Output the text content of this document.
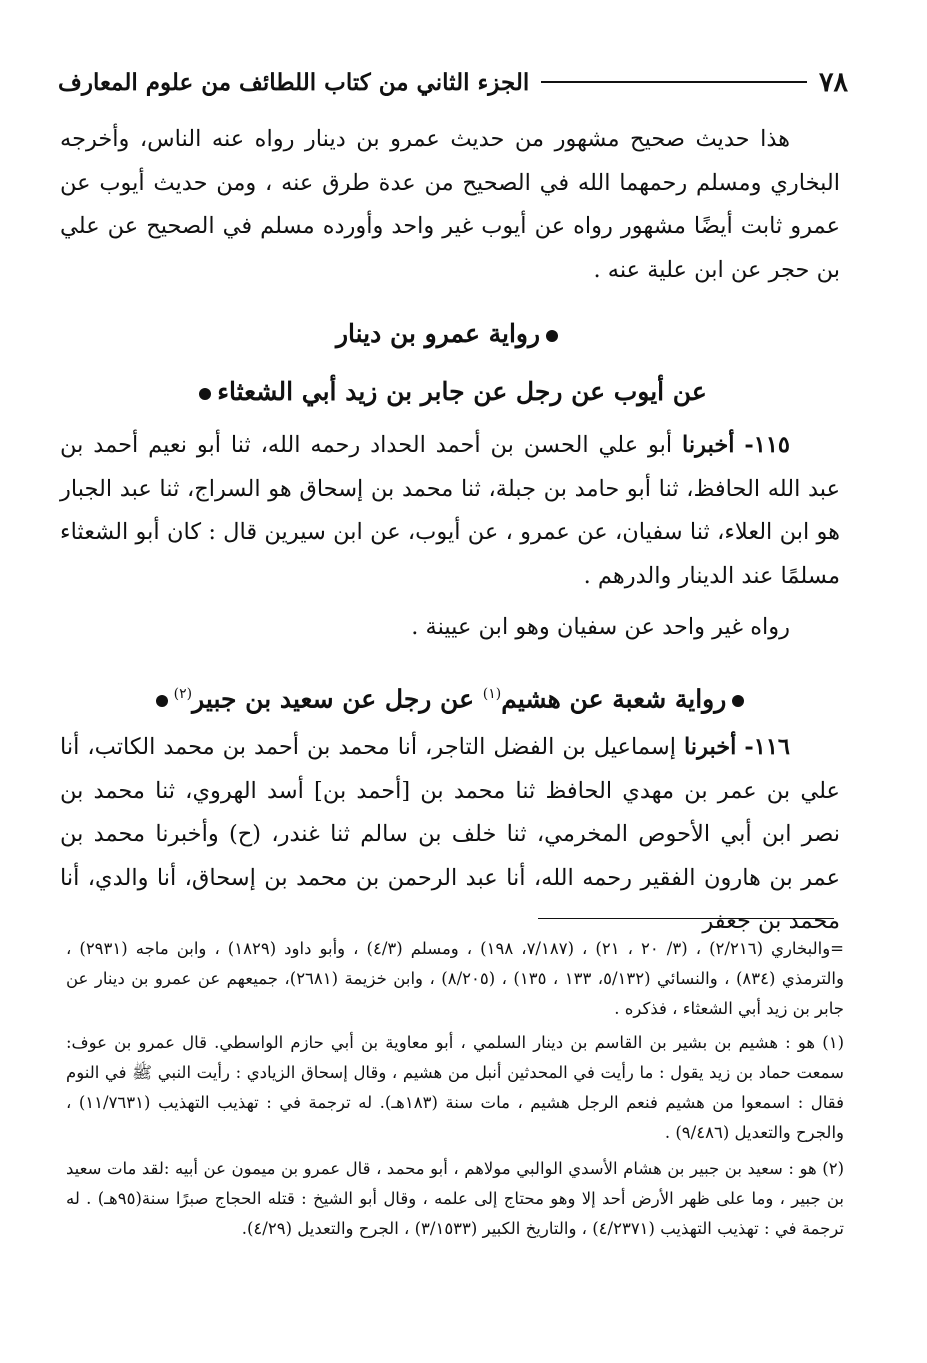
٧٨
الجزء الثاني من كتاب اللطائف من علوم المعارف
هذا حديث صحيح مشهور من حديث عمرو بن دينار رواه عنه الناس، وأخرجه البخاري ومسلم رحمهما الله في الصحيح من عدة طرق عنه ، ومن حديث أيوب عن عمرو ثابت أيضًا مشهور رواه عن أيوب غير واحد وأورده مسلم في الصحيح عن علي بن حجر عن ابن علية عنه .
روایة عمرو بن دینار
عن أيوب عن رجل عن جابر بن زيد أبي الشعثاء
١١٥- أخبرنا أبو علي الحسن بن أحمد الحداد رحمه الله، ثنا أبو نعيم أحمد بن عبد الله الحافظ، ثنا أبو حامد بن جبلة، ثنا محمد بن إسحاق هو السراج، ثنا عبد الجبار هو ابن العلاء، ثنا سفيان، عن عمرو ، عن أيوب، عن ابن سيرين قال : كان أبو الشعثاء مسلمًا عند الدينار والدرهم .
رواه غير واحد عن سفيان وهو ابن عيينة .
رواية شعبة عن هشيم$^{(١)}$ عن رجل عن سعيد بن جبير$^{(٢)}$
١١٦- أخبرنا إسماعيل بن الفضل التاجر، أنا محمد بن أحمد بن محمد الكاتب، أنا علي بن عمر بن مهدي الحافظ ثنا محمد بن [أحمد بن] أسد الهروي، ثنا محمد بن نصر ابن أبي الأحوص المخرمي، ثنا خلف بن سالم ثنا غندر، (ح) وأخبرنا محمد بن عمر بن هارون الفقير رحمه الله، أنا عبد الرحمن بن محمد بن إسحاق، أنا والدي، أنا محمد بن جعفر
=والبخاري (٢/٢١٦) ، (٣/ ٢٠ ، ٢١) ، (٧/١٨٧، ١٩٨) ، ومسلم (٤/٣) ، وأبو داود (١٨٢٩) ، وابن ماجه (٢٩٣١) ، والترمذي (٨٣٤) ، والنسائي (٥/١٣٢، ١٣٣ ، ١٣٥) ، (٨/٢٠٥) ، وابن خزيمة (٢٦٨١)، جميعهم عن عمرو بن دينار عن جابر بن زيد أبي الشعثاء ، فذكره .
(١) هو : هشيم بن بشير بن القاسم بن دينار السلمي ، أبو معاوية بن أبي حازم الواسطي. قال عمرو بن عوف: سمعت حماد بن زيد يقول : ما رأيت في المحدثين أنبل من هشيم ، وقال إسحاق الزيادي : رأيت النبي ﷺ في النوم فقال : اسمعوا من هشيم فنعم الرجل هشيم ، مات سنة (١٨٣هـ). له ترجمة في : تهذيب التهذيب (١١/٧٦٣١) ، والجرح والتعديل (٩/٤٨٦) .
(٢) هو : سعيد بن جبير بن هشام الأسدي الوالبي مولاهم ، أبو محمد ، قال عمرو بن ميمون عن أبيه :لقد مات سعيد بن جبير ، وما على ظهر الأرض أحد إلا وهو محتاج إلى علمه ، وقال أبو الشيخ : قتله الحجاج صبرًا سنة(٩٥هـ) . له ترجمة في : تهذيب التهذيب (٤/٢٣٧١) ، والتاريخ الكبير (٣/١٥٣٣) ، الجرح والتعديل (٤/٢٩).
